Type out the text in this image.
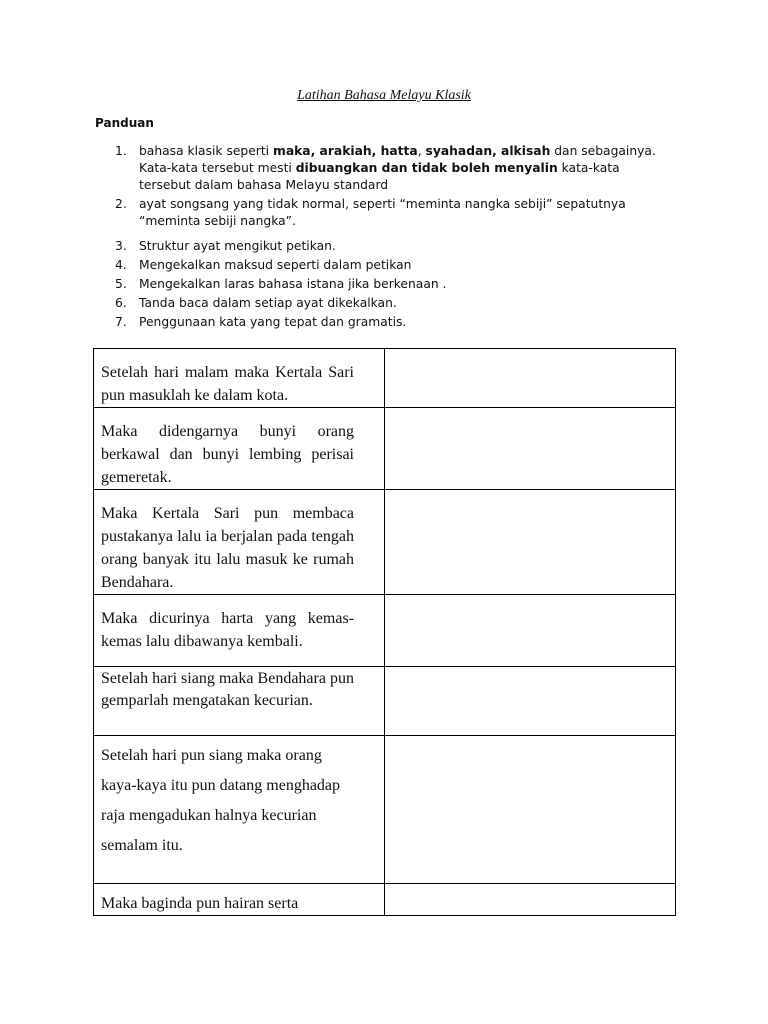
Latihan Bahasa Melayu Klasik
Panduan
1. bahasa klasik seperti maka, arakiah, hatta, syahadan, alkisah dan sebagainya. Kata-kata tersebut mesti dibuangkan dan tidak boleh menyalin kata-kata tersebut dalam bahasa Melayu standard
2. ayat songsang yang tidak normal, seperti “meminta nangka sebiji” sepatutnya “meminta sebiji nangka”.
3. Struktur ayat mengikut petikan.
4. Mengekalkan maksud seperti dalam petikan
5. Mengekalkan laras bahasa istana jika berkenaan .
6. Tanda baca dalam setiap ayat dikekalkan.
7. Penggunaan kata yang tepat dan gramatis.
Setelah hari malam maka Kertala Sari pun masuklah ke dalam kota.	

Maka didengarnya bunyi orang berkawal dan bunyi lembing perisai gemeretak.	

Maka Kertala Sari pun membaca pustakanya lalu ia berjalan pada tengah orang banyak itu lalu masuk ke rumah Bendahara.	

Maka dicurinya harta yang kemas-kemas lalu dibawanya kembali.	

Setelah hari siang maka Bendahara pun gemparlah mengatakan kecurian.	

Setelah hari pun siang maka orang kaya-kaya itu pun datang menghadap raja mengadukan halnya kecurian semalam itu.	

Maka baginda pun hairan serta	
